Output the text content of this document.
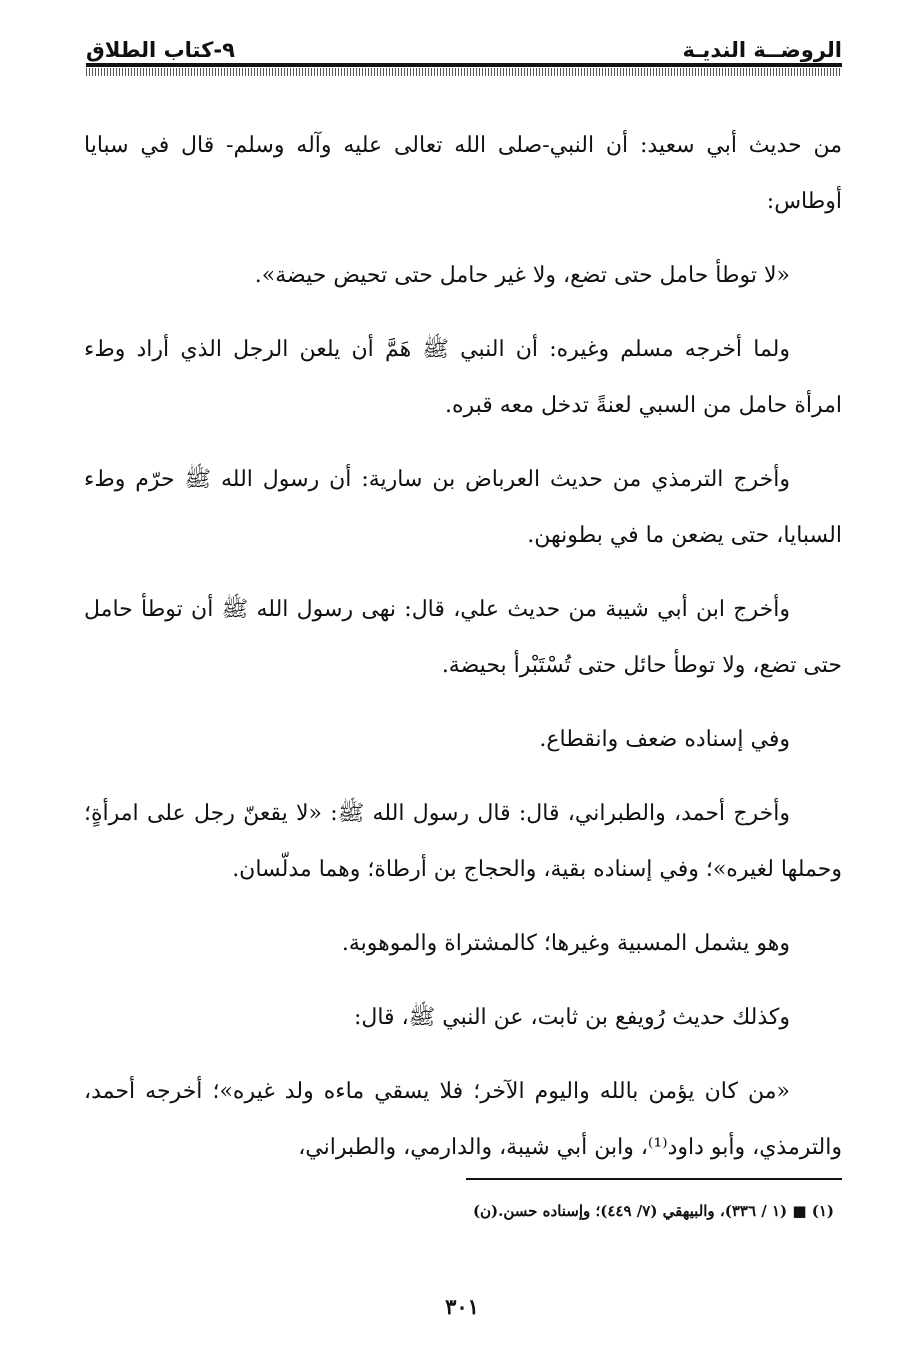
الروضــة النديـة
٩-كتاب الطلاق

من حديث أبي سعيد: أن النبي-صلى الله تعالى عليه وآله وسلم- قال في سبايا أوطاس:

«لا توطأ حامل حتى تضع، ولا غير حامل حتى تحيض حيضة».

ولما أخرجه مسلم وغيره: أن النبي ﷺ هَمَّ أن يلعن الرجل الذي أراد وطء امرأة حامل من السبي لعنةً تدخل معه قبره.

وأخرج الترمذي من حديث العرباض بن سارية: أن رسول الله ﷺ حرّم وطء السبايا، حتى يضعن ما في بطونهن.

وأخرج ابن أبي شيبة من حديث علي، قال: نهى رسول الله ﷺ أن توطأ حامل حتى تضع، ولا توطأ حائل حتى تُسْتَبْرأ بحيضة.

وفي إسناده ضعف وانقطاع.

وأخرج أحمد، والطبراني، قال: قال رسول الله ﷺ: «لا يقعنّ رجل على امرأةٍ؛ وحملها لغيره»؛ وفي إسناده بقية، والحجاج بن أرطاة؛ وهما مدلّسان.

وهو يشمل المسبية وغيرها؛ كالمشتراة والموهوبة.

وكذلك حديث رُويفع بن ثابت، عن النبي ﷺ، قال:

«من كان يؤمن بالله واليوم الآخر؛ فلا يسقي ماءه ولد غيره»؛ أخرجه أحمد، والترمذي، وأبو داود⁽¹⁾، وابن أبي شيبة، والدارمي، والطبراني،

(١) ■ (١ / ٣٣٦)، والبيهقي (٧/ ٤٤٩)؛ وإسناده حسن.(ن)
٣٠١
